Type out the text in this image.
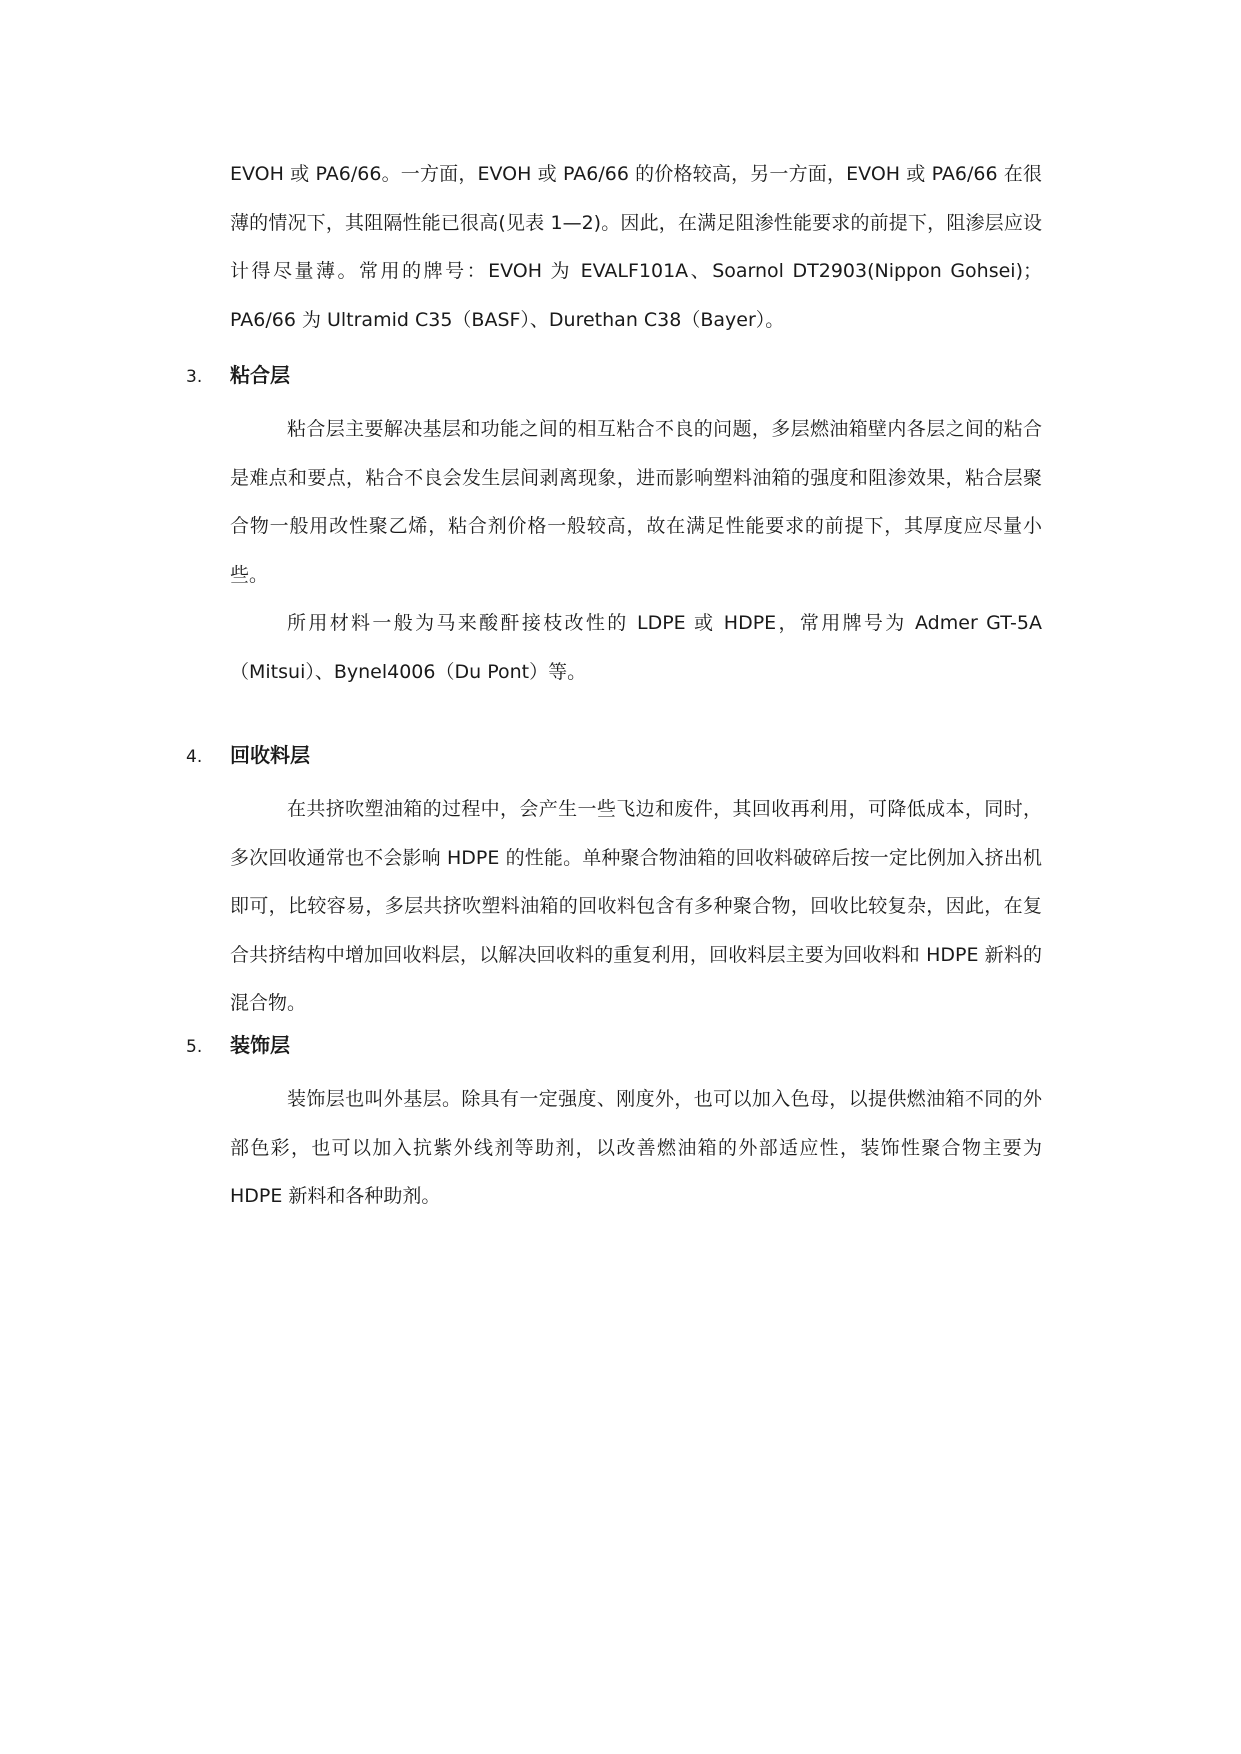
EVOH 或 PA6/66。一方面，EVOH 或 PA6/66 的价格较高，另一方面，EVOH 或 PA6/66 在很薄的情况下，其阻隔性能已很高(见表 1—2)。因此，在满足阻渗性能要求的前提下，阻渗层应设计得尽量薄。常用的牌号：EVOH 为 EVALF101A、Soarnol DT2903(Nippon Gohsei)；PA6/66 为 Ultramid C35（BASF）、Durethan C38（Bayer）。

3. 粘合层

粘合层主要解决基层和功能之间的相互粘合不良的问题，多层燃油箱壁内各层之间的粘合是难点和要点，粘合不良会发生层间剥离现象，进而影响塑料油箱的强度和阻渗效果，粘合层聚合物一般用改性聚乙烯，粘合剂价格一般较高，故在满足性能要求的前提下，其厚度应尽量小些。

所用材料一般为马来酸酐接枝改性的 LDPE 或 HDPE，常用牌号为 Admer GT-5A（Mitsui）、Bynel4006（Du Pont）等。

4. 回收料层

在共挤吹塑油箱的过程中，会产生一些飞边和废件，其回收再利用，可降低成本，同时，多次回收通常也不会影响 HDPE 的性能。单种聚合物油箱的回收料破碎后按一定比例加入挤出机即可，比较容易，多层共挤吹塑料油箱的回收料包含有多种聚合物，回收比较复杂，因此，在复合共挤结构中增加回收料层，以解决回收料的重复利用，回收料层主要为回收料和 HDPE 新料的混合物。

5. 装饰层

装饰层也叫外基层。除具有一定强度、刚度外，也可以加入色母，以提供燃油箱不同的外部色彩，也可以加入抗紫外线剂等助剂，以改善燃油箱的外部适应性，装饰性聚合物主要为 HDPE 新料和各种助剂。
